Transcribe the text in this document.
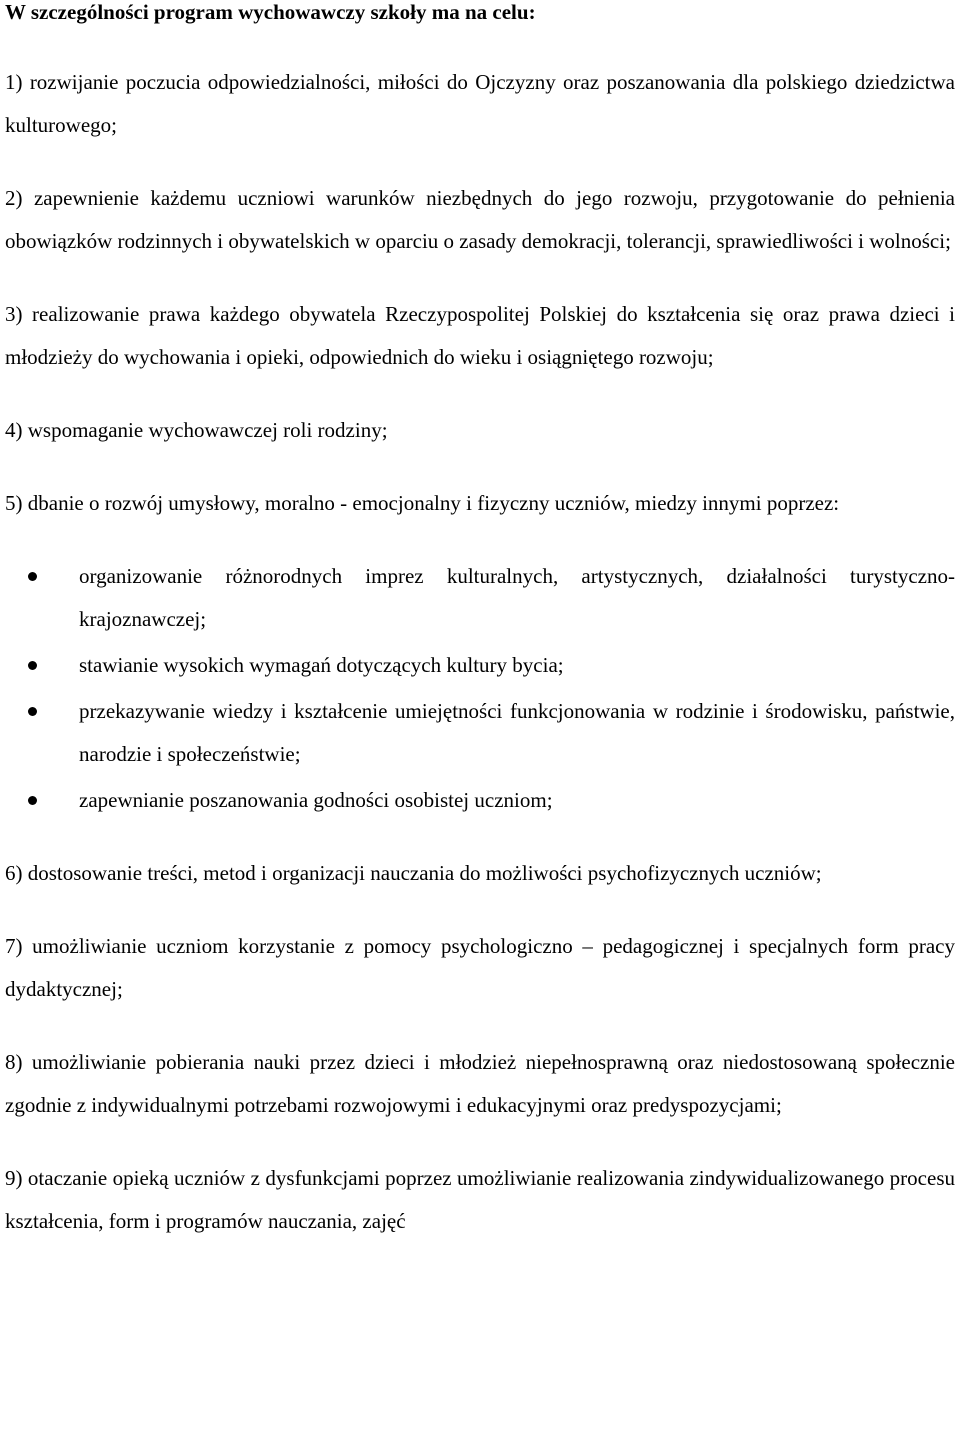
W szczególności program wychowawczy szkoły ma na celu:

1) rozwijanie poczucia odpowiedzialności, miłości do Ojczyzny oraz poszanowania dla polskiego dziedzictwa kulturowego;

2) zapewnienie każdemu uczniowi warunków niezbędnych do jego rozwoju, przygotowanie do pełnienia obowiązków rodzinnych i obywatelskich w oparciu o zasady demokracji, tolerancji, sprawiedliwości i wolności;

3) realizowanie prawa każdego obywatela Rzeczypospolitej Polskiej do kształcenia się oraz prawa dzieci i młodzieży do wychowania i opieki, odpowiednich do wieku i osiągniętego rozwoju;

4) wspomaganie wychowawczej roli rodziny;

5) dbanie o rozwój umysłowy, moralno - emocjonalny i fizyczny uczniów, miedzy innymi poprzez:

organizowanie różnorodnych imprez kulturalnych, artystycznych, działalności turystyczno- krajoznawczej;
stawianie wysokich wymagań dotyczących kultury bycia;
przekazywanie wiedzy i kształcenie umiejętności funkcjonowania w rodzinie i środowisku, państwie, narodzie i społeczeństwie;
zapewnianie poszanowania godności osobistej uczniom;

6) dostosowanie treści, metod i organizacji nauczania do możliwości psychofizycznych uczniów;

7) umożliwianie uczniom korzystanie z pomocy psychologiczno – pedagogicznej i specjalnych form pracy dydaktycznej;

8) umożliwianie pobierania nauki przez dzieci i młodzież niepełnosprawną oraz niedostosowaną społecznie zgodnie z indywidualnymi potrzebami rozwojowymi i edukacyjnymi oraz predyspozycjami;

9) otaczanie opieką uczniów z dysfunkcjami poprzez umożliwianie realizowania zindywidualizowanego procesu kształcenia, form i programów nauczania, zajęć
